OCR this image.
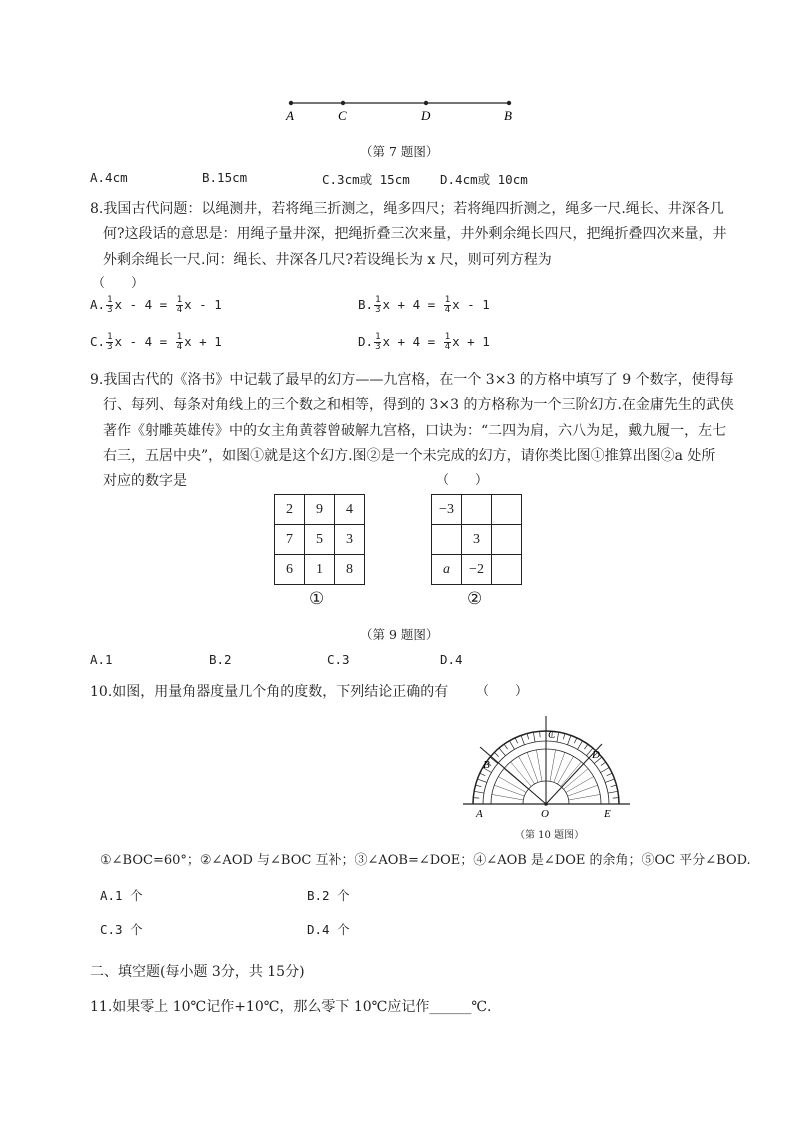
A	C	D	B
（第 7 题图）
A.4cm	B.15cm	C.3cm或 15cm D.4cm或 10cm
8.我国古代问题：以绳测井，若将绳三折测之，绳多四尺；若将绳四折测之，绳多一尺.绳长、井深各几
何?这段话的意思是：用绳子量井深，把绳折叠三次来量，井外剩余绳长四尺，把绳折叠四次来量，井
外剩余绳长一尺.问：绳长、井深各几尺?若设绳长为 x 尺，则可列方程为
（　　）
A. $\frac{1}{3}$ $x - 4 = \frac{1}{4}$ x - 1	B. $\frac{1}{3}$ $x + 4 = \frac{1}{4}$ x - 1
C. $\frac{1}{3}$ $x - 4 = \frac{1}{4}$ x + 1	D. $\frac{1}{3}$ $x + 4 = \frac{1}{4}$ x + 1
9.我国古代的《洛书》中记载了最早的幻方——九宫格，在一个 3×3 的方格中填写了 9 个数字，使得每
行、每列、每条对角线上的三个数之和相等，得到的 3×3 的方格称为一个三阶幻方.在金庸先生的武侠
著作《射雕英雄传》中的女主角黄蓉曾破解九宫格，口诀为：“二四为肩，六八为足，戴九履一，左七
右三，五居中央”，如图①就是这个幻方.图②是一个未完成的幻方，请你类比图①推算出图②a 处所
对应的数字是	（　　）
2	9	4
7	5	3
6	1	8
−3		
	3	
a	−2	
①	②
（第 9 题图）
A.1	B.2	C.3	D.4
10.如图，用量角器度量几个角的度数，下列结论正确的有 （　　）
A
B
C
D
O	E
（第 10 题图）
①∠BOC=60°；②∠AOD 与∠BOC 互补；③∠AOB=∠DOE；④∠AOB 是∠DOE 的余角；⑤OC 平分∠BOD.
A.1 个	B.2 个
C.3 个	D.4 个
二、填空题(每小题 3分，共 15分)
11.如果零上 10℃记作+10℃，那么零下 10℃应记作______℃.
